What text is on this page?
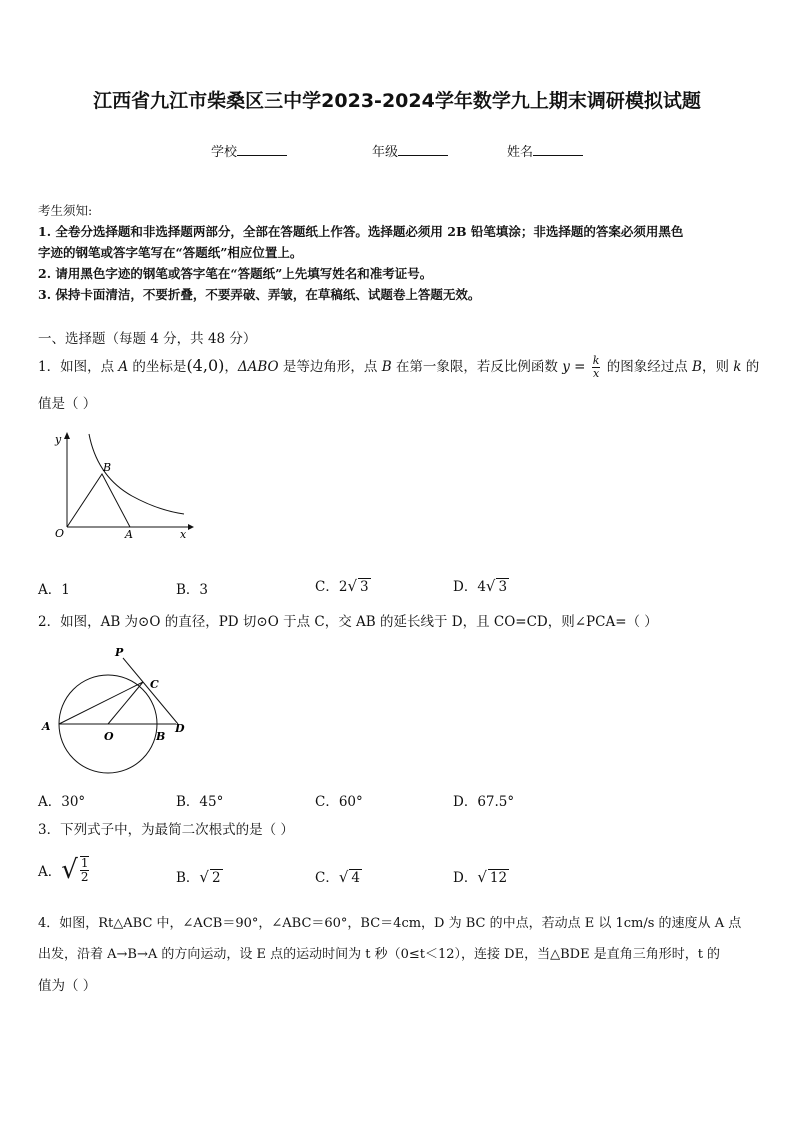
江西省九江市柴桑区三中学2023-2024学年数学九上期末调研模拟试题
学校	年级	姓名
考生须知:
1. 全卷分选择题和非选择题两部分，全部在答题纸上作答。选择题必须用 2B 铅笔填涂；非选择题的答案必须用黑色
字迹的钢笔或答字笔写在“答题纸”相应位置上。
2. 请用黑色字迹的钢笔或答字笔在“答题纸”上先填写姓名和准考证号。
3. 保持卡面清洁，不要折叠，不要弄破、弄皱，在草稿纸、试题卷上答题无效。
一、选择题（每题 4 分，共 48 分）
1．如图，点 A 的坐标是(4,0)，ΔABO 是等边角形，点 B 在第一象限，若反比例函数 $y = \frac{k}{x}$ 的图象经过点 B，则 k 的
值是（ ）
y
B
O	A	x
A．1	B．3	C．2√ 3	D．4√ 3
2．如图，AB 为⊙O 的直径，PD 切⊙O 于点 C，交 AB 的延长线于 D，且 CO=CD，则∠PCA=（ ）
P
C
A
O	B
D
A．30°	B．45°	C．60°	D．67.5°
3．下列式子中，为最简二次根式的是（ ）
A．√ $\frac{1}{2}$	B．√ 2	C．√ 4	D．√ 12
4．如图，Rt△ABC 中，∠ACB＝90°，∠ABC＝60°，BC＝4cm，D 为 BC 的中点，若动点 E 以 1cm/s 的速度从 A 点
出发，沿着 A→B→A 的方向运动，设 E 点的运动时间为 t 秒（0≤t＜12），连接 DE，当△BDE 是直角三角形时，t 的
值为（ ）
